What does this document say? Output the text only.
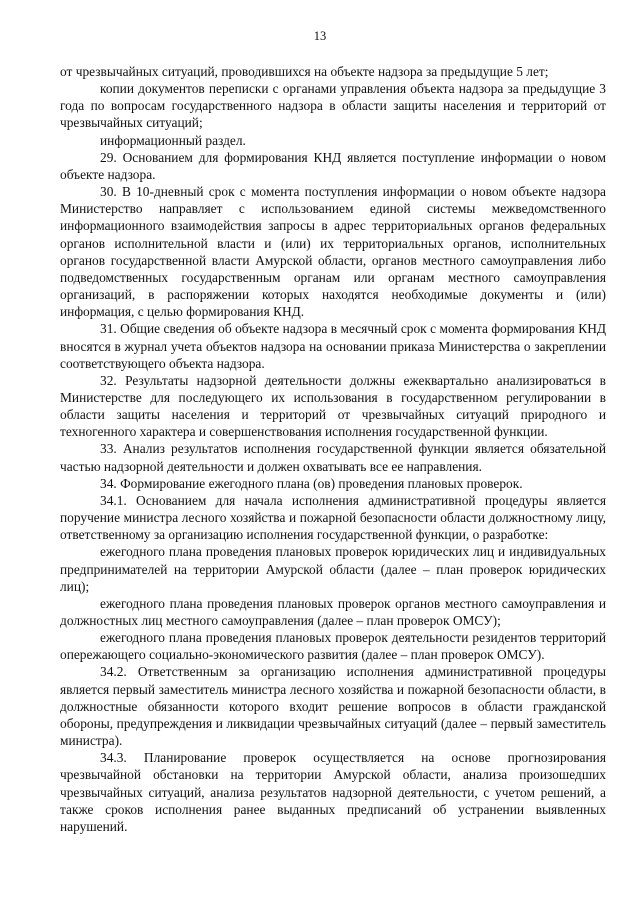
13

от чрезвычайных ситуаций, проводившихся на объекте надзора за предыдущие 5 лет;

копии документов переписки с органами управления объекта надзора за предыдущие 3 года по вопросам государственного надзора в области защиты населения и территорий от чрезвычайных ситуаций;

информационный раздел.

29. Основанием для формирования КНД является поступление информации о новом объекте надзора.

30. В 10-дневный срок с момента поступления информации о новом объекте надзора Министерство направляет с использованием единой системы межведомственного информационного взаимодействия запросы в адрес территориальных органов федеральных органов исполнительной власти и (или) их территориальных органов, исполнительных органов государственной власти Амурской области, органов местного самоуправления либо подведомственных государственным органам или органам местного самоуправления организаций, в распоряжении которых находятся необходимые документы и (или) информация, с целью формирования КНД.

31. Общие сведения об объекте надзора в месячный срок с момента формирования КНД вносятся в журнал учета объектов надзора на основании приказа Министерства о закреплении соответствующего объекта надзора.

32. Результаты надзорной деятельности должны ежеквартально анализироваться в Министерстве для последующего их использования в государственном регулировании в области защиты населения и территорий от чрезвычайных ситуаций природного и техногенного характера и совершенствования исполнения государственной функции.

33. Анализ результатов исполнения государственной функции является обязательной частью надзорной деятельности и должен охватывать все ее направления.

34. Формирование ежегодного плана (ов) проведения плановых проверок.

34.1. Основанием для начала исполнения административной процедуры является поручение министра лесного хозяйства и пожарной безопасности области должностному лицу, ответственному за организацию исполнения государственной функции, о разработке:

ежегодного плана проведения плановых проверок юридических лиц и индивидуальных предпринимателей на территории Амурской области (далее – план проверок юридических лиц);

ежегодного плана проведения плановых проверок органов местного самоуправления и должностных лиц местного самоуправления (далее – план проверок ОМСУ);

ежегодного плана проведения плановых проверок деятельности резидентов территорий опережающего социально-экономического развития (далее – план проверок ОМСУ).

34.2. Ответственным за организацию исполнения административной процедуры является первый заместитель министра лесного хозяйства и пожарной безопасности области, в должностные обязанности которого входит решение вопросов в области гражданской обороны, предупреждения и ликвидации чрезвычайных ситуаций (далее – первый заместитель министра).

34.3. Планирование проверок осуществляется на основе прогнозирования чрезвычайной обстановки на территории Амурской области, анализа произошедших чрезвычайных ситуаций, анализа результатов надзорной деятельности, с учетом решений, а также сроков исполнения ранее выданных предписаний об устранении выявленных нарушений.
